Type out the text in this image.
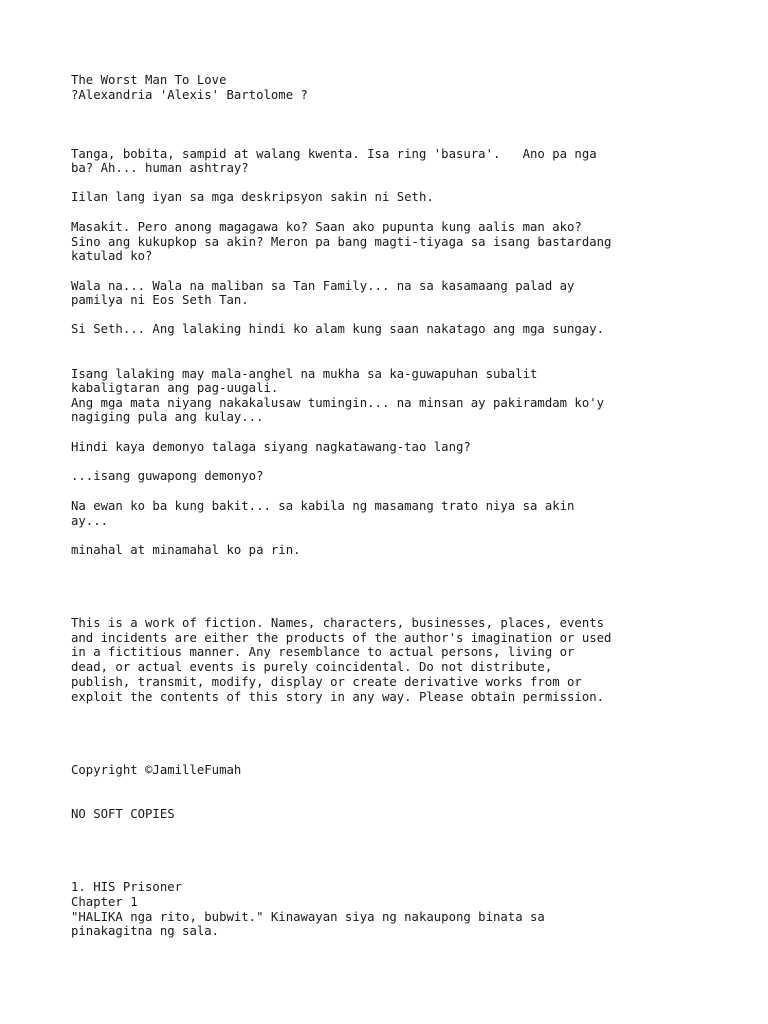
The Worst Man To Love

?Alexandria 'Alexis' Bartolome ?

Tanga, bobita, sampid at walang kwenta. Isa ring 'basura'.   Ano pa nga

ba? Ah... human ashtray?

Iilan lang iyan sa mga deskripsyon sakin ni Seth.

Masakit. Pero anong magagawa ko? Saan ako pupunta kung aalis man ako?

Sino ang kukupkop sa akin? Meron pa bang magti-tiyaga sa isang bastardang

katulad ko?

Wala na... Wala na maliban sa Tan Family... na sa kasamaang palad ay

pamilya ni Eos Seth Tan.

Si Seth... Ang lalaking hindi ko alam kung saan nakatago ang mga sungay.

Isang lalaking may mala-anghel na mukha sa ka-guwapuhan subalit

kabaligtaran ang pag-uugali.

Ang mga mata niyang nakakalusaw tumingin... na minsan ay pakiramdam ko'y

nagiging pula ang kulay...

Hindi kaya demonyo talaga siyang nagkatawang-tao lang?

...isang guwapong demonyo?

Na ewan ko ba kung bakit... sa kabila ng masamang trato niya sa akin

ay...

minahal at minamahal ko pa rin.

This is a work of fiction. Names, characters, businesses, places, events

and incidents are either the products of the author's imagination or used

in a fictitious manner. Any resemblance to actual persons, living or

dead, or actual events is purely coincidental. Do not distribute,

publish, transmit, modify, display or create derivative works from or

exploit the contents of this story in any way. Please obtain permission.

Copyright ©JamilleFumah

NO SOFT COPIES

1. HIS Prisoner

Chapter 1

"HALIKA nga rito, bubwit." Kinawayan siya ng nakaupong binata sa

pinakagitna ng sala.
